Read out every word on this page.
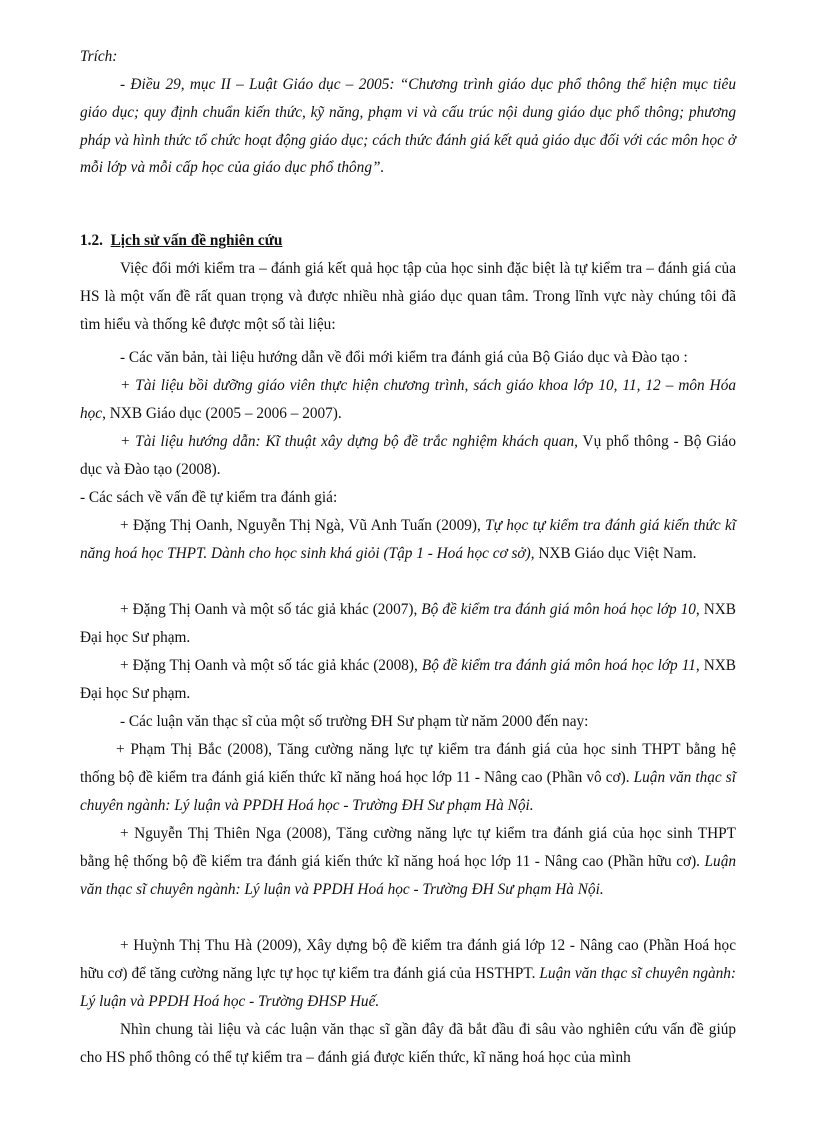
Trích:

- Điều 29, mục II – Luật Giáo dục – 2005: “Chương trình giáo dục phổ thông thể hiện mục tiêu giáo dục; quy định chuẩn kiến thức, kỹ năng, phạm vi và cấu trúc nội dung giáo dục phổ thông; phương pháp và hình thức tổ chức hoạt động giáo dục; cách thức đánh giá kết quả giáo dục đối với các môn học ở mỗi lớp và mỗi cấp học của giáo dục phổ thông”.

1.2. Lịch sử vấn đề nghiên cứu

Việc đổi mới kiểm tra – đánh giá kết quả học tập của học sinh đặc biệt là tự kiểm tra – đánh giá của HS là một vấn đề rất quan trọng và được nhiều nhà giáo dục quan tâm. Trong lĩnh vực này chúng tôi đã tìm hiểu và thống kê được một số tài liệu:

- Các văn bản, tài liệu hướng dẫn về đổi mới kiểm tra đánh giá của Bộ Giáo dục và Đào tạo :

+ Tài liệu bồi dưỡng giáo viên thực hiện chương trình, sách giáo khoa lớp 10, 11, 12 – môn Hóa học, NXB Giáo dục (2005 – 2006 – 2007).

+ Tài liệu hướng dẫn: Kĩ thuật xây dựng bộ đề trắc nghiệm khách quan, Vụ phổ thông - Bộ Giáo dục và Đào tạo (2008).

- Các sách về vấn đề tự kiểm tra đánh giá:

+ Đặng Thị Oanh, Nguyễn Thị Ngà, Vũ Anh Tuấn (2009), Tự học tự kiểm tra đánh giá kiến thức kĩ năng hoá học THPT. Dành cho học sinh khá giỏi (Tập 1 - Hoá học cơ sở), NXB Giáo dục Việt Nam.

+ Đặng Thị Oanh và một số tác giả khác (2007), Bộ đề kiểm tra đánh giá môn hoá học lớp 10, NXB Đại học Sư phạm.

+ Đặng Thị Oanh và một số tác giả khác (2008), Bộ đề kiểm tra đánh giá môn hoá học lớp 11, NXB Đại học Sư phạm.

- Các luận văn thạc sĩ của một số trường ĐH Sư phạm từ năm 2000 đến nay:

+ Phạm Thị Bắc (2008), Tăng cường năng lực tự kiểm tra đánh giá của học sinh THPT bằng hệ thống bộ đề kiểm tra đánh giá kiến thức kĩ năng hoá học lớp 11 - Nâng cao (Phần vô cơ). Luận văn thạc sĩ chuyên ngành: Lý luận và PPDH Hoá học - Trường ĐH Sư phạm Hà Nội.

+ Nguyễn Thị Thiên Nga (2008), Tăng cường năng lực tự kiểm tra đánh giá của học sinh THPT bằng hệ thống bộ đề kiểm tra đánh giá kiến thức kĩ năng hoá học lớp 11 - Nâng cao (Phần hữu cơ). Luận văn thạc sĩ chuyên ngành: Lý luận và PPDH Hoá học - Trường ĐH Sư phạm Hà Nội.

+ Huỳnh Thị Thu Hà (2009), Xây dựng bộ đề kiểm tra đánh giá lớp 12 - Nâng cao (Phần Hoá học hữu cơ) để tăng cường năng lực tự học tự kiểm tra đánh giá của HSTHPT. Luận văn thạc sĩ chuyên ngành: Lý luận và PPDH Hoá học - Trường ĐHSP Huế.

Nhìn chung tài liệu và các luận văn thạc sĩ gần đây đã bắt đầu đi sâu vào nghiên cứu vấn đề giúp cho HS phổ thông có thể tự kiểm tra – đánh giá được kiến thức, kĩ năng hoá học của mình
